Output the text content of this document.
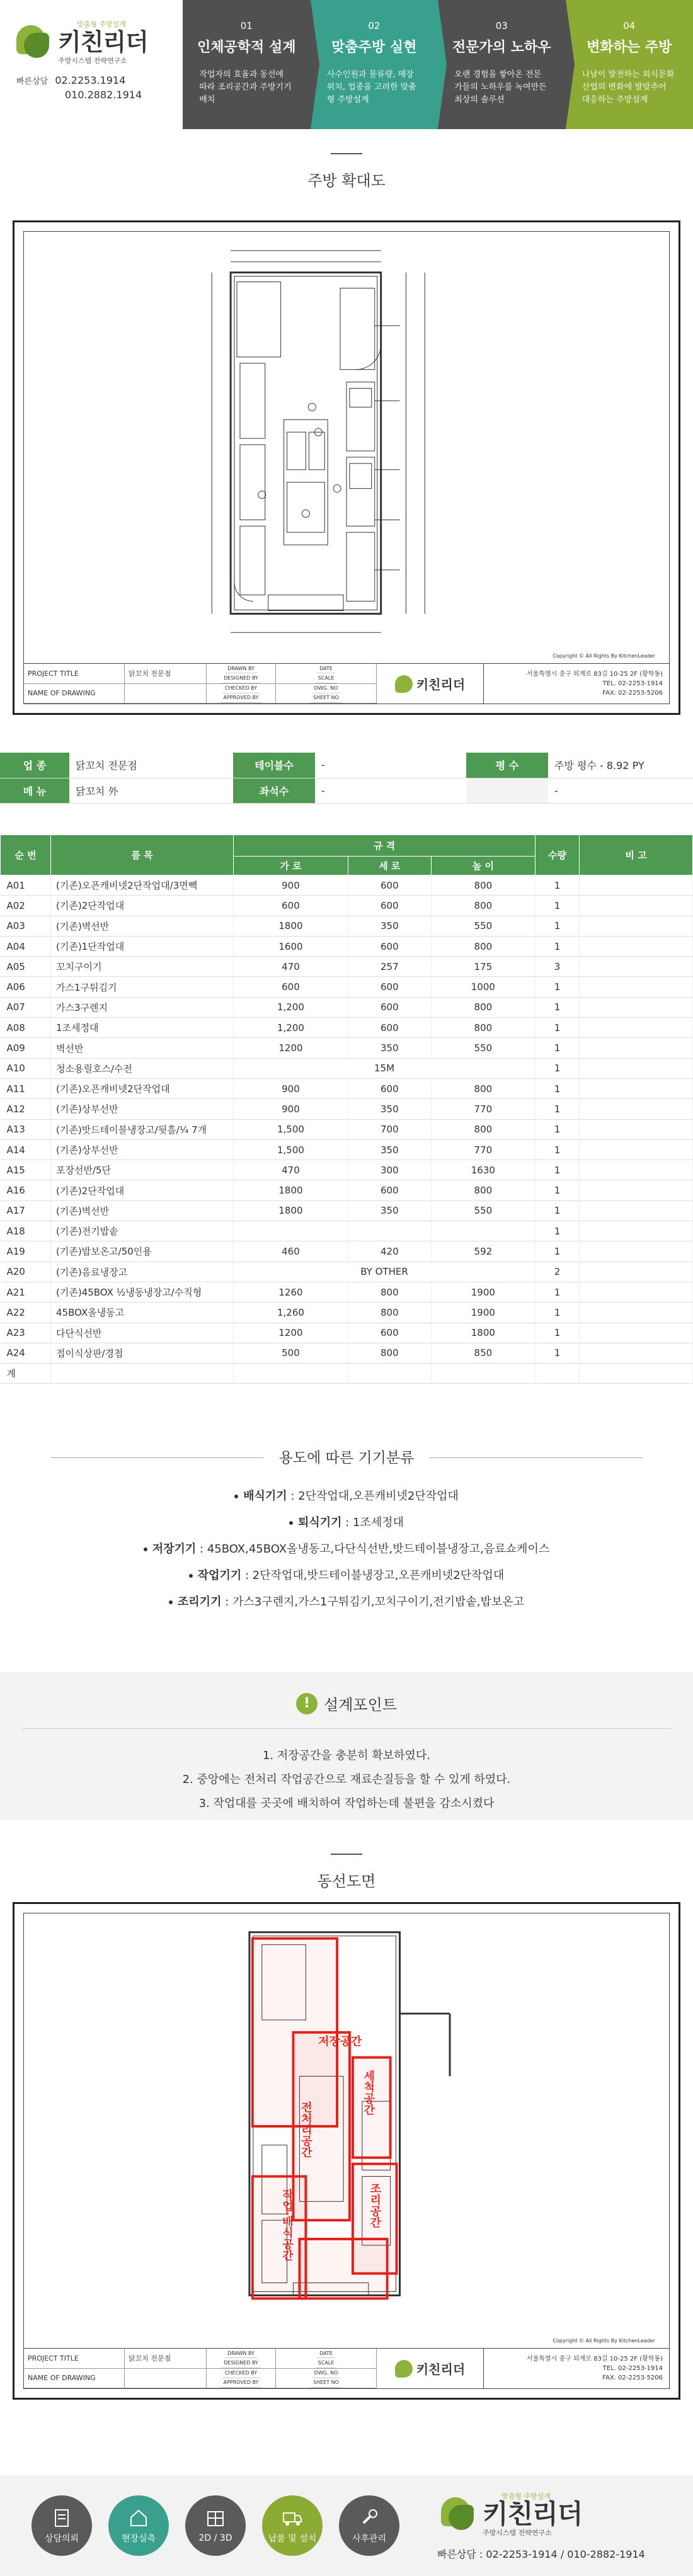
맞춤형 주방설계
키친리더
주방시스템 전략연구소
빠른상담 02.2253.1914
010.2882.1914
01
인체공학적 설계
작업자의 효율과 동선에 따라 조리공간과 주방기기 배치
02
맞춤주방 실현
사수인원과 물류량, 매장위치, 업종을 고려한 맞춤형 주방설계
03
전문가의 노하우
오랜 경험을 쌓아온 전문가들의 노하우를 녹여만든 최상의 솔루션
04
변화하는 주방
나날이 발전하는 외식문화 산업의 변화에 발맞추어 대응하는 주방설계
주방 확대도
Copyright © All Rights By KitchenLeader
PROJECT TITLE	닭꼬치 전문점
DRAWN BY
DESIGNED BY
DATE
SCALE
NAME OF DRAWING
CHECKED BY
APPROVED BY
DWG. NO
SHEET NO
키친리더
서울특별시 중구 퇴계로 83길 10-25 2F (황학동)
TEL. 02-2253-1914
FAX. 02-2253-5206
업 종	닭꼬치 전문점		테이블수	-		평 수	주방 평수 - 8.92 PY
메 뉴	닭꼬치 外		좌석수	-			-
순 번	품 목	규 격			수량	비 고
		가 로	세 로	높 이		
A01	(기존)오픈캐비넷2단작업대/3면빽	900	600	800	1	
A02	(기존)2단작업대	600	600	800	1	
A03	(기존)벽선반	1800	350	550	1	
A04	(기존)1단작업대	1600	600	800	1	
A05	꼬치구이기	470	257	175	3	
A06	가스1구튀김기	600	600	1000	1	
A07	가스3구렌지	1,200	600	800	1	
A08	1조세정대	1,200	600	800	1	
A09	벽선반	1200	350	550	1	
A10	청소용릴호스/수전	15M			1	
A11	(기존)오픈캐비넷2단작업대	900	600	800	1	
A12	(기존)상부선반	900	350	770	1	
A13	(기존)밧드테이블냉장고/뒷흘/¼ 7개	1,500	700	800	1	
A14	(기존)상부선반	1,500	350	770	1	
A15	포장선반/5단	470	300	1630	1	
A16	(기존)2단작업대	1800	600	800	1	
A17	(기존)벽선반	1800	350	550	1	
A18	(기존)전기밥솥				1	
A19	(기존)밥보온고/50인용	460	420	592	1	
A20	(기존)음료냉장고	BY OTHER			2	
A21	(기존)45BOX ½냉동냉장고/수직형	1260	800	1900	1	
A22	45BOX올냉동고	1,260	800	1900	1	
A23	다단식선반	1200	600	1800	1	
A24	접이식상판/경첩	500	800	850	1	
계						
용도에 따른 기기분류
배식기기 : 2단작업대,오픈캐비넷2단작업대
퇴식기기 : 1조세정대
저장기기 : 45BOX,45BOX올냉동고,다단식선반,밧드테이블냉장고,음료쇼케이스
작업기기 : 2단작업대,밧드테이블냉장고,오픈캐비넷2단작업대
조리기기 : 가스3구렌지,가스1구튀김기,꼬치구이기,전기밥솥,밥보온고
! 설계포인트
1. 저장공간을 충분히 확보하였다.
2. 중앙에는 전처리 작업공간으로 재료손질등을 할 수 있게 하였다.
3. 작업대를 곳곳에 배치하여 작업하는데 불편을 감소시켰다
동선도면
저장공간
전처리공간
세척공간
조리공간
작업·배식공간
Copyright © All Rights By KitchenLeader
PROJECT TITLE	닭꼬치 전문점
DRAWN BY
DESIGNED BY
DATE
SCALE
NAME OF DRAWING
CHECKED BY
APPROVED BY
DWG. NO
SHEET NO
키친리더
서울특별시 중구 퇴계로 83길 10-25 2F (황학동)
TEL. 02-2253-1914
FAX. 02-2253-5206
상담의뢰	현장실측	2D / 3D	납품 및 설치	사후관리
맞춤형 주방설계
키친리더
주방시스템 전략연구소
빠른상담 : 02-2253-1914 / 010-2882-1914
